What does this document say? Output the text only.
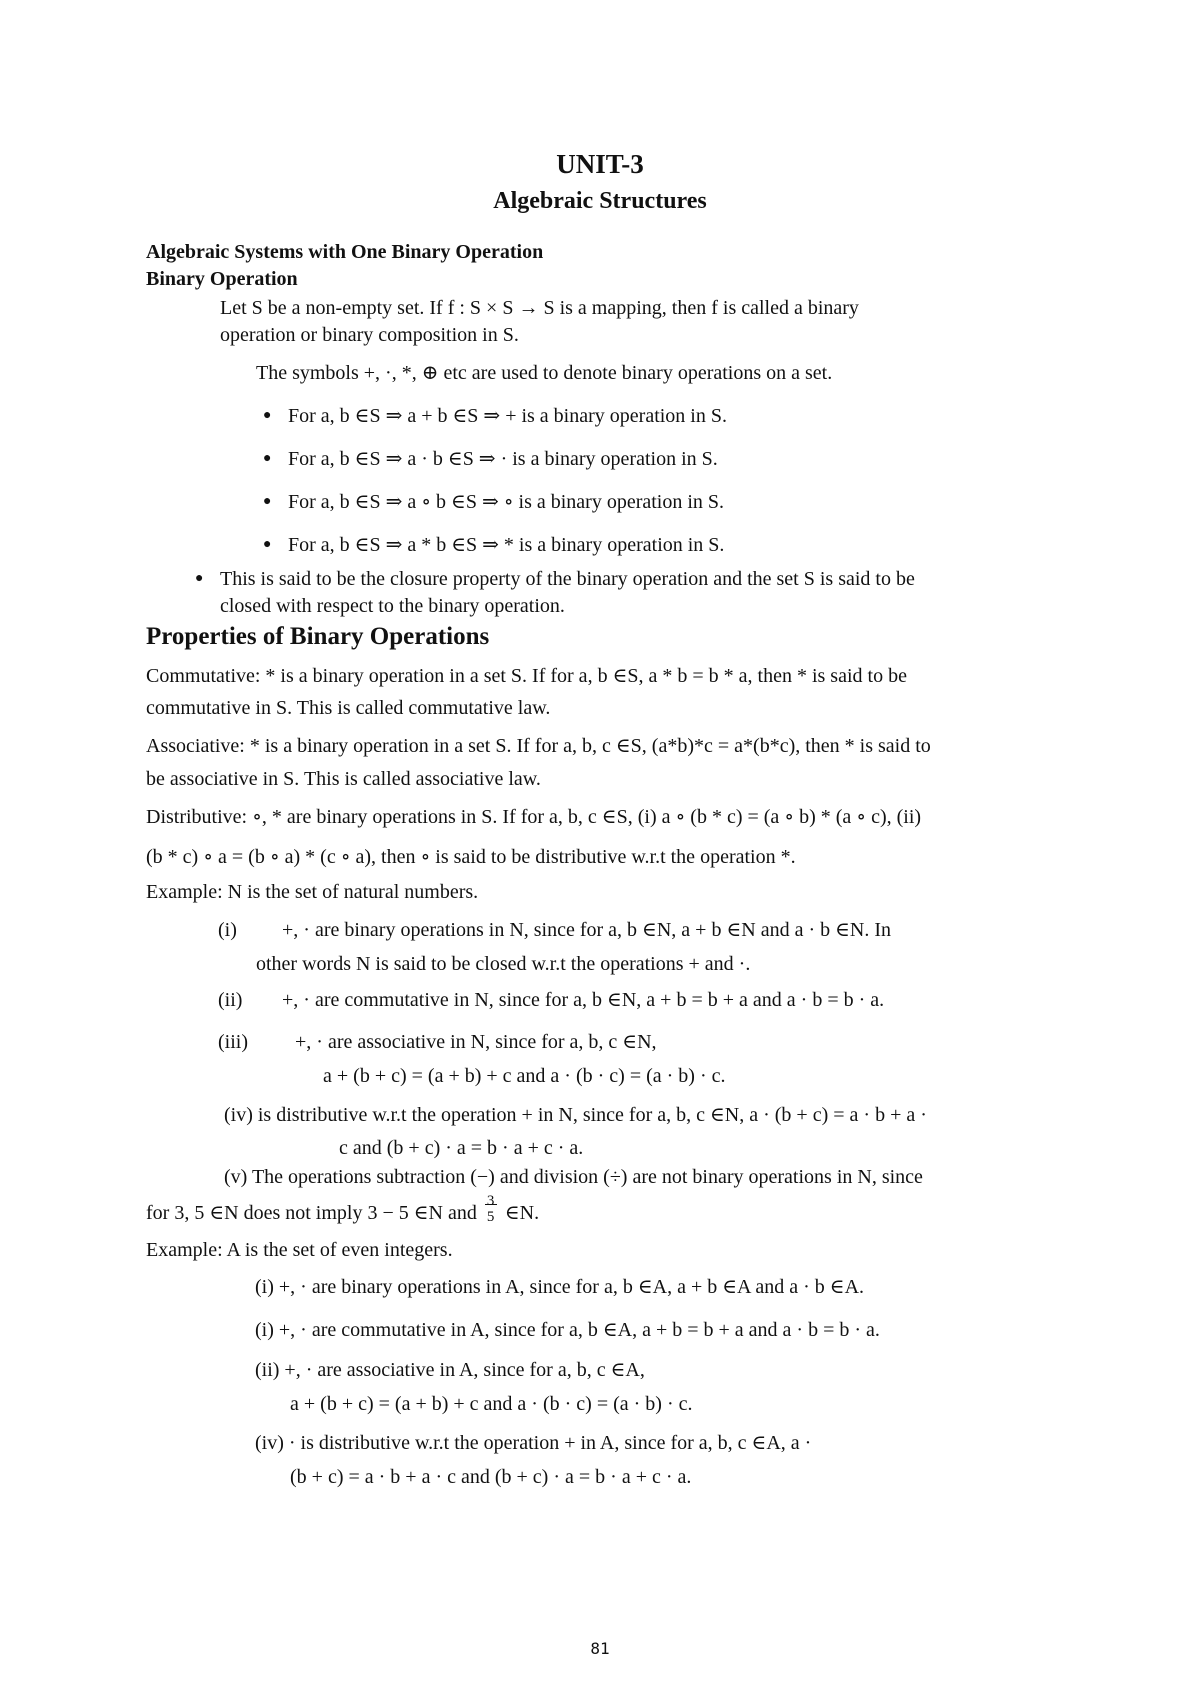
UNIT-3
Algebraic Structures
Algebraic Systems with One Binary Operation
Binary Operation
Let S be a non-empty set. If f : S × S → S is a mapping, then f is called a binary
operation or binary composition in S.
The symbols +, ·, *, ⊕ etc are used to denote binary operations on a set.
● For a, b ∈S ⇒ a + b ∈S ⇒ + is a binary operation in S.
● For a, b ∈S ⇒ a · b ∈S ⇒ · is a binary operation in S.
● For a, b ∈S ⇒ a ∘ b ∈S ⇒ ∘ is a binary operation in S.
● For a, b ∈S ⇒ a * b ∈S ⇒ * is a binary operation in S.
● This is said to be the closure property of the binary operation and the set S is said to be
closed with respect to the binary operation.
Properties of Binary Operations
Commutative: * is a binary operation in a set S. If for a, b ∈S, a * b = b * a, then * is said to be
commutative in S. This is called commutative law.
Associative: * is a binary operation in a set S. If for a, b, c ∈S, (a*b)*c = a*(b*c), then * is said to
be associative in S. This is called associative law.
Distributive: ∘, * are binary operations in S. If for a, b, c ∈S, (i) a ∘ (b * c) = (a ∘ b) * (a ∘ c), (ii)
(b * c) ∘ a = (b ∘ a) * (c ∘ a), then ∘ is said to be distributive w.r.t the operation *.
Example: N is the set of natural numbers.
(i) +, · are binary operations in N, since for a, b ∈N, a + b ∈N and a · b ∈N. In
other words N is said to be closed w.r.t the operations + and ·.
(ii) +, · are commutative in N, since for a, b ∈N, a + b = b + a and a · b = b · a.
(iii) +, · are associative in N, since for a, b, c ∈N,
a + (b + c) = (a + b) + c and a · (b · c) = (a · b) · c.
(iv) is distributive w.r.t the operation + in N, since for a, b, c ∈N, a · (b + c) = a · b + a ·
c and (b + c) · a = b · a + c · a.
(v) The operations subtraction (−) and division (÷) are not binary operations in N, since
for 3, 5 ∈N does not imply 3 − 5 ∈N and
3
5 ∈N.
Example: A is the set of even integers.
(i) +, · are binary operations in A, since for a, b ∈A, a + b ∈A and a · b ∈A.
(i) +, · are commutative in A, since for a, b ∈A, a + b = b + a and a · b = b · a.
(ii) +, · are associative in A, since for a, b, c ∈A,
a + (b + c) = (a + b) + c and a · (b · c) = (a · b) · c.
(iv) · is distributive w.r.t the operation + in A, since for a, b, c ∈A, a ·
(b + c) = a · b + a · c and (b + c) · a = b · a + c · a.
81
